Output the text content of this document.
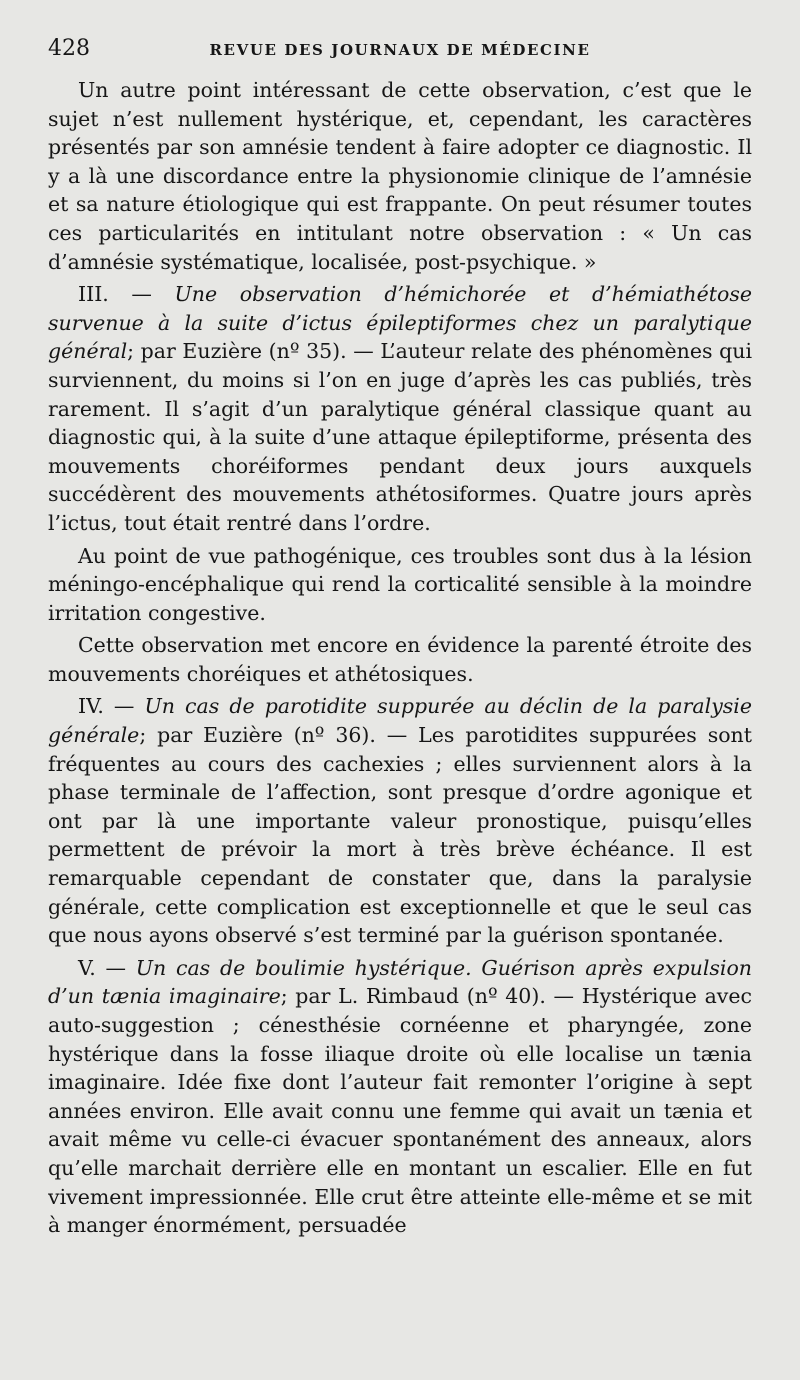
428	REVUE DES JOURNAUX DE MÉDECINE

Un autre point intéressant de cette observation, c’est que le sujet n’est nullement hystérique, et, cependant, les caractères présentés par son amnésie tendent à faire adopter ce diagnostic. Il y a là une discordance entre la physionomie clinique de l’amnésie et sa nature étiologique qui est frappante. On peut résumer toutes ces particularités en intitulant notre observation : « Un cas d’amnésie systématique, localisée, post-psychique. »

III. — Une observation d’hémichorée et d’hémiathétose survenue à la suite d’ictus épileptiformes chez un paralytique général; par Euzière (nº 35). — L’auteur relate des phénomènes qui surviennent, du moins si l’on en juge d’après les cas publiés, très rarement. Il s’agit d’un paralytique général classique quant au diagnostic qui, à la suite d’une attaque épileptiforme, présenta des mouvements choréiformes pendant deux jours auxquels succédèrent des mouvements athétosiformes. Quatre jours après l’ictus, tout était rentré dans l’ordre.

Au point de vue pathogénique, ces troubles sont dus à la lésion méningo-encéphalique qui rend la corticalité sensible à la moindre irritation congestive.

Cette observation met encore en évidence la parenté étroite des mouvements choréiques et athétosiques.

IV. — Un cas de parotidite suppurée au déclin de la paralysie générale; par Euzière (nº 36). — Les parotidites suppurées sont fréquentes au cours des cachexies ; elles surviennent alors à la phase terminale de l’affection, sont presque d’ordre agonique et ont par là une importante valeur pronostique, puisqu’elles permettent de prévoir la mort à très brève échéance. Il est remarquable cependant de constater que, dans la paralysie générale, cette complication est exceptionnelle et que le seul cas que nous ayons observé s’est terminé par la guérison spontanée.

V. — Un cas de boulimie hystérique. Guérison après expulsion d’un tænia imaginaire; par L. Rimbaud (nº 40). — Hystérique avec auto-suggestion ; cénesthésie cornéenne et pharyngée, zone hystérique dans la fosse iliaque droite où elle localise un tænia imaginaire. Idée fixe dont l’auteur fait remonter l’origine à sept années environ. Elle avait connu une femme qui avait un tænia et avait même vu celle-ci évacuer spontanément des anneaux, alors qu’elle marchait derrière elle en montant un escalier. Elle en fut vivement impressionnée. Elle crut être atteinte elle-même et se mit à manger énormément, persuadée
